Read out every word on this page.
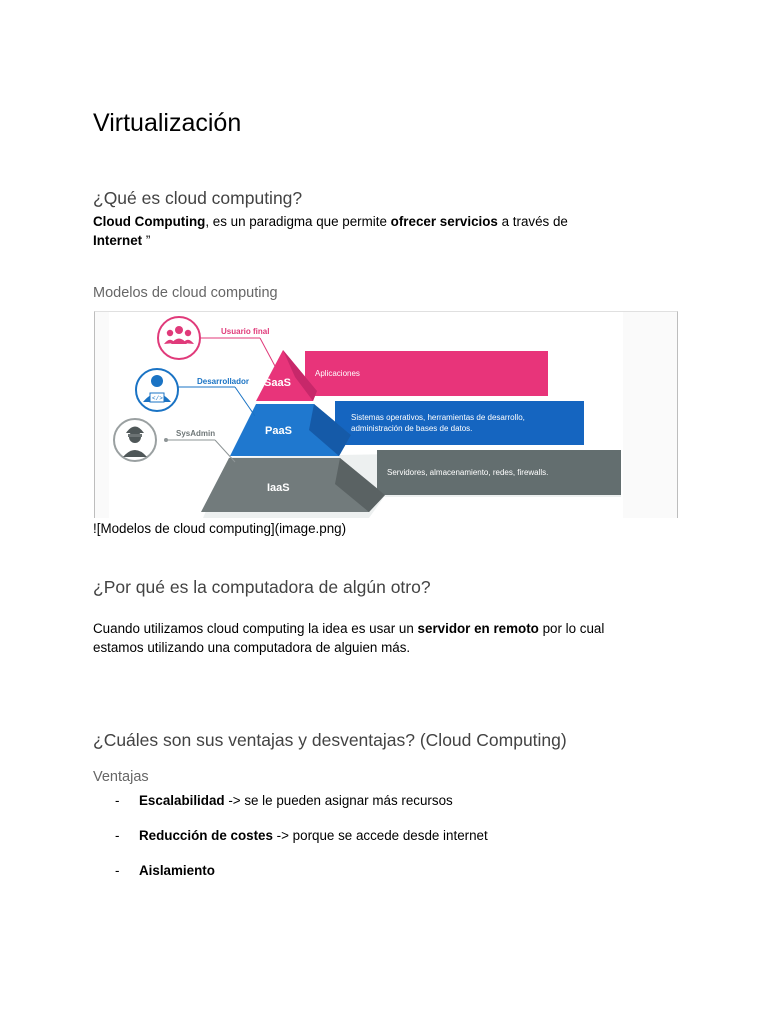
Virtualización
¿Qué es cloud computing?

Cloud Computing, es un paradigma que permite ofrecer servicios a través de
Internet ”

Modelos de cloud computing
Servidores, almacenamiento, redes, firewalls.
IaaS
Sistemas operativos, herramientas de desarrollo,
administración de bases de datos.
PaaS
Aplicaciones
SaaS
Usuario final
</>
Desarrollador
SysAdmin

![Modelos de cloud computing](image.png)

¿Por qué es la computadora de algún otro?

Cuando utilizamos cloud computing la idea es usar un servidor en remoto por lo cual
estamos utilizando una computadora de alguien más.

¿Cuáles son sus ventajas y desventajas? (Cloud Computing)
Ventajas
- Escalabilidad -> se le pueden asignar más recursos
- Reducción de costes -> porque se accede desde internet
- Aislamiento
